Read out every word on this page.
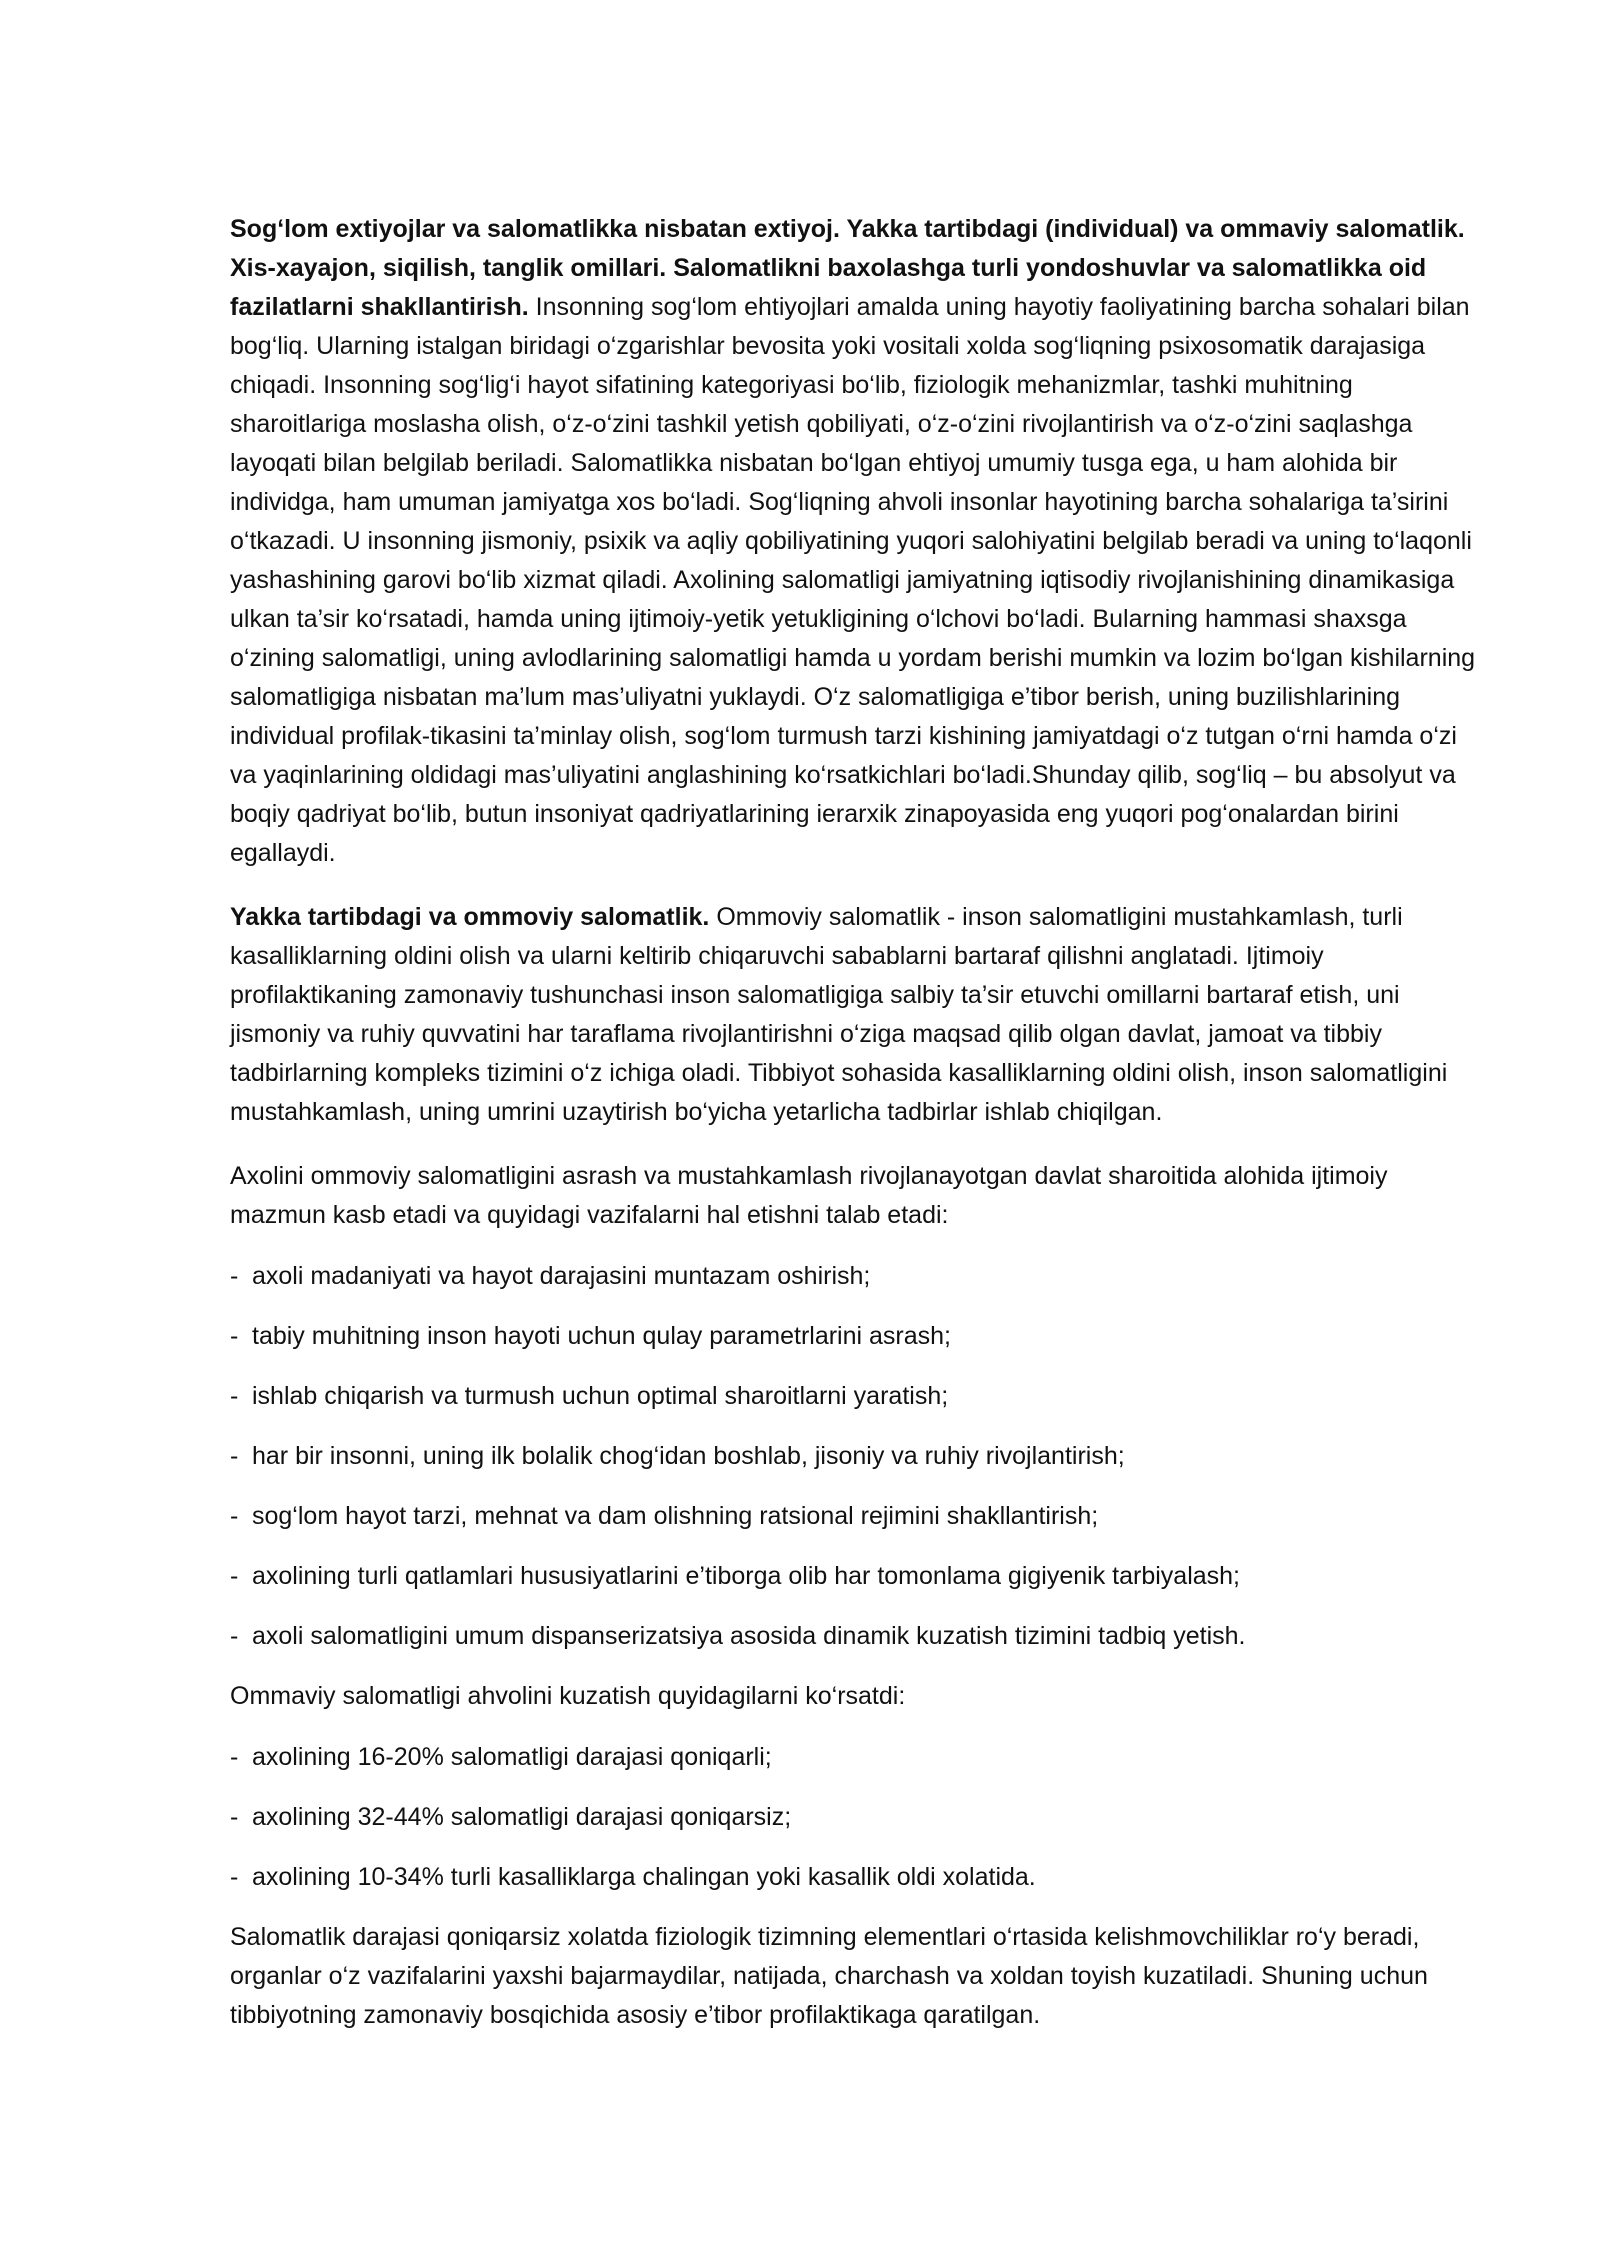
Sog‘lom extiyojlar va salomatlikka nisbatan extiyoj. Yakka tartibdagi (individual) va ommaviy salomatlik. Xis-xayajon, siqilish, tanglik omillari. Salomatlikni baxolashga turli yondoshuvlar va salomatlikka oid fazilatlarni shakllantirish. Insonning sog‘lom ehtiyojlari amalda uning hayotiy faoliyatining barcha sohalari bilan bog‘liq. Ularning istalgan biridagi o‘zgarishlar bevosita yoki vositali xolda sog‘liqning psixosomatik darajasiga chiqadi. Insonning sog‘lig‘i hayot sifatining kategoriyasi bo‘lib, fiziologik mehanizmlar, tashki muhitning sharoitlariga moslasha olish, o‘z-o‘zini tashkil yetish qobiliyati, o‘z-o‘zini rivojlantirish va o‘z-o‘zini saqlashga layoqati bilan belgilab beriladi. Salomatlikka nisbatan bo‘lgan ehtiyoj umumiy tusga ega, u ham alohida bir individga, ham umuman jamiyatga xos bo‘ladi. Sog‘liqning ahvoli insonlar hayotining barcha sohalariga ta’sirini o‘tkazadi. U insonning jismoniy, psixik va aqliy qobiliyatining yuqori salohiyatini belgilab beradi va uning to‘laqonli yashashining garovi bo‘lib xizmat qiladi. Axolining salomatligi jamiyatning iqtisodiy rivojlanishining dinamikasiga ulkan ta’sir ko‘rsatadi, hamda uning ijtimoiy-yetik yetukligining o‘lchovi bo‘ladi. Bularning hammasi shaxsga o‘zining salomatligi, uning avlodlarining salomatligi hamda u yordam berishi mumkin va lozim bo‘lgan kishilarning salomatligiga nisbatan ma’lum mas’uliyatni yuklaydi. O‘z salomatligiga e’tibor berish, uning buzilishlarining individual profilak-tikasini ta’minlay olish, sog‘lom turmush tarzi kishining jamiyatdagi o‘z tutgan o‘rni hamda o‘zi va yaqinlarining oldidagi mas’uliyatini anglashining ko‘rsatkichlari bo‘ladi.Shunday qilib, sog‘liq – bu absolyut va boqiy qadriyat bo‘lib, butun insoniyat qadriyatlarining ierarxik zinapoyasida eng yuqori pog‘onalardan birini egallaydi.

Yakka tartibdagi va ommoviy salomatlik. Ommoviy salomatlik - inson salomatligini mustahkamlash, turli kasalliklarning oldini olish va ularni keltirib chiqaruvchi sabablarni bartaraf qilishni anglatadi. Ijtimoiy profilaktikaning zamonaviy tushunchasi inson salomatligiga salbiy ta’sir etuvchi omillarni bartaraf etish, uni jismoniy va ruhiy quvvatini har taraflama rivojlantirishni o‘ziga maqsad qilib olgan davlat, jamoat va tibbiy tadbirlarning kompleks tizimini o‘z ichiga oladi. Tibbiyot sohasida kasalliklarning oldini olish, inson salomatligini mustahkamlash, uning umrini uzaytirish bo‘yicha yetarlicha tadbirlar ishlab chiqilgan.

Axolini ommoviy salomatligini asrash va mustahkamlash rivojlanayotgan davlat sharoitida alohida ijtimoiy mazmun kasb etadi va quyidagi vazifalarni hal etishni talab etadi:

- axoli madaniyati va hayot darajasini muntazam oshirish;
- tabiy muhitning inson hayoti uchun qulay parametrlarini asrash;
- ishlab chiqarish va turmush uchun optimal sharoitlarni yaratish;
- har bir insonni, uning ilk bolalik chog‘idan boshlab, jisoniy va ruhiy rivojlantirish;
- sog‘lom hayot tarzi, mehnat va dam olishning ratsional rejimini shakllantirish;
- axolining turli qatlamlari hususiyatlarini e’tiborga olib har tomonlama gigiyenik tarbiyalash;
- axoli salomatligini umum dispanserizatsiya asosida dinamik kuzatish tizimini tadbiq yetish.

Ommaviy salomatligi ahvolini kuzatish quyidagilarni ko‘rsatdi:

- axolining 16-20% salomatligi darajasi qoniqarli;
- axolining 32-44% salomatligi darajasi qoniqarsiz;
- axolining 10-34% turli kasalliklarga chalingan yoki kasallik oldi xolatida.

Salomatlik darajasi qoniqarsiz xolatda fiziologik tizimning elementlari o‘rtasida kelishmovchiliklar ro‘y beradi, organlar o‘z vazifalarini yaxshi bajarmaydilar, natijada, charchash va xoldan toyish kuzatiladi. Shuning uchun tibbiyotning zamonaviy bosqichida asosiy e’tibor profilaktikaga qaratilgan.
